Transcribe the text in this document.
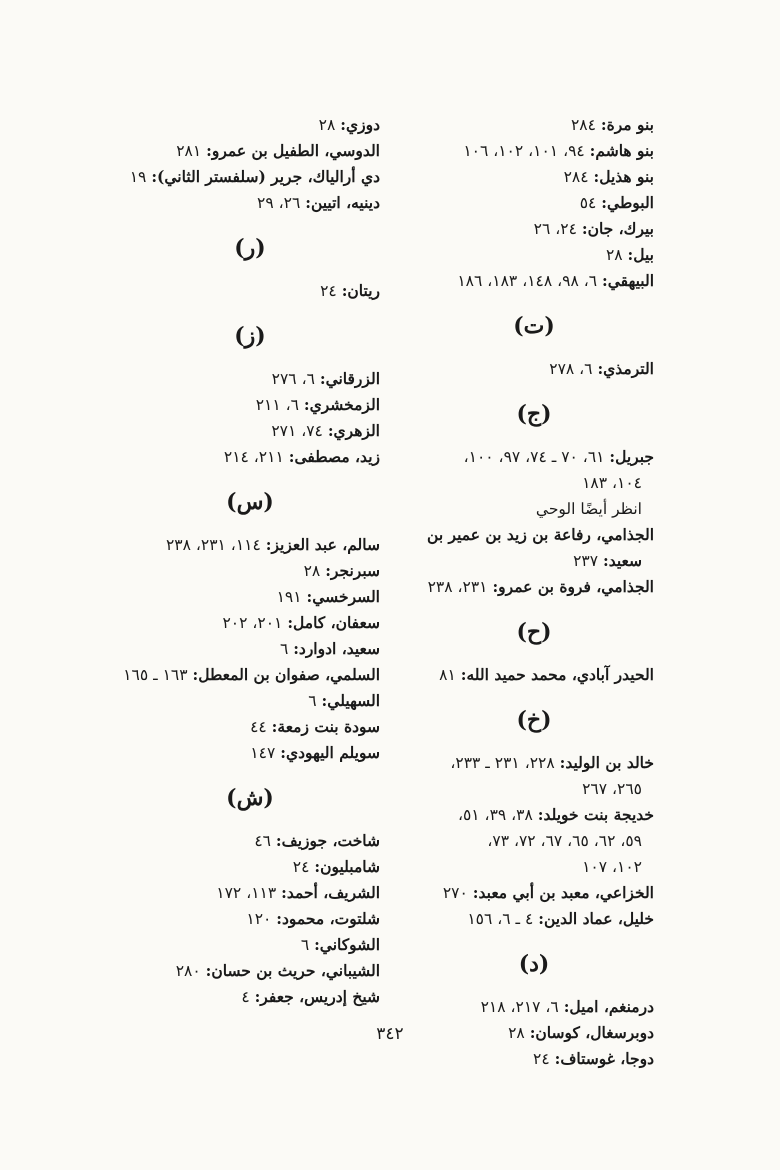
بنو مرة: ٢٨٤
بنو هاشم: ٩٤، ١٠١، ١٠٢، ١٠٦
بنو هذيل: ٢٨٤
البوطي: ٥٤
بيرك، جان: ٢٤، ٢٦
بيل: ٢٨
البيهقي: ٦، ٩٨، ١٤٨، ١٨٣، ١٨٦
(ت)
الترمذي: ٦، ٢٧٨
(ج)
جبريل: ٦١، ٧٠ ـ ٧٤، ٩٧، ١٠٠،
١٠٤، ١٨٣
انظر أيضًا الوحي
الجذامي، رفاعة بن زيد بن عمير بن
سعيد: ٢٣٧
الجذامي، فروة بن عمرو: ٢٣١، ٢٣٨
(ح)
الحيدر آبادي، محمد حميد الله: ٨١
(خ)
خالد بن الوليد: ٢٢٨، ٢٣١ ـ ٢٣٣،
٢٦٥، ٢٦٧
خديجة بنت خويلد: ٣٨، ٣٩، ٥١،
٥٩، ٦٢، ٦٥، ٦٧، ٧٢، ٧٣،
١٠٢، ١٠٧
الخزاعي، معبد بن أبي معبد: ٢٧٠
خليل، عماد الدين: ٤ ـ ٦، ١٥٦
(د)
درمنغم، اميل: ٦، ٢١٧، ٢١٨
دوبرسغال، كوسان: ٢٨
دوجا، غوستاف: ٢٤
دوزي: ٢٨
الدوسي، الطفيل بن عمرو: ٢٨١
دي أرالياك، جرير (سلفستر الثاني): ١٩
دينيه، اتيين: ٢٦، ٢٩
(ر)
ريتان: ٢٤
(ز)
الزرقاني: ٦، ٢٧٦
الزمخشري: ٦، ٢١١
الزهري: ٧٤، ٢٧١
زيد، مصطفى: ٢١١، ٢١٤
(س)
سالم، عبد العزيز: ١١٤، ٢٣١، ٢٣٨
سبرنجر: ٢٨
السرخسي: ١٩١
سعفان، كامل: ٢٠١، ٢٠٢
سعيد، ادوارد: ٦
السلمي، صفوان بن المعطل: ١٦٣ ـ ١٦٥
السهيلي: ٦
سودة بنت زمعة: ٤٤
سويلم اليهودي: ١٤٧
(ش)
شاخت، جوزيف: ٤٦
شامبليون: ٢٤
الشريف، أحمد: ١١٣، ١٧٢
شلتوت، محمود: ١٢٠
الشوكاني: ٦
الشيباني، حريث بن حسان: ٢٨٠
شيخ إدريس، جعفر: ٤
٣٤٢
